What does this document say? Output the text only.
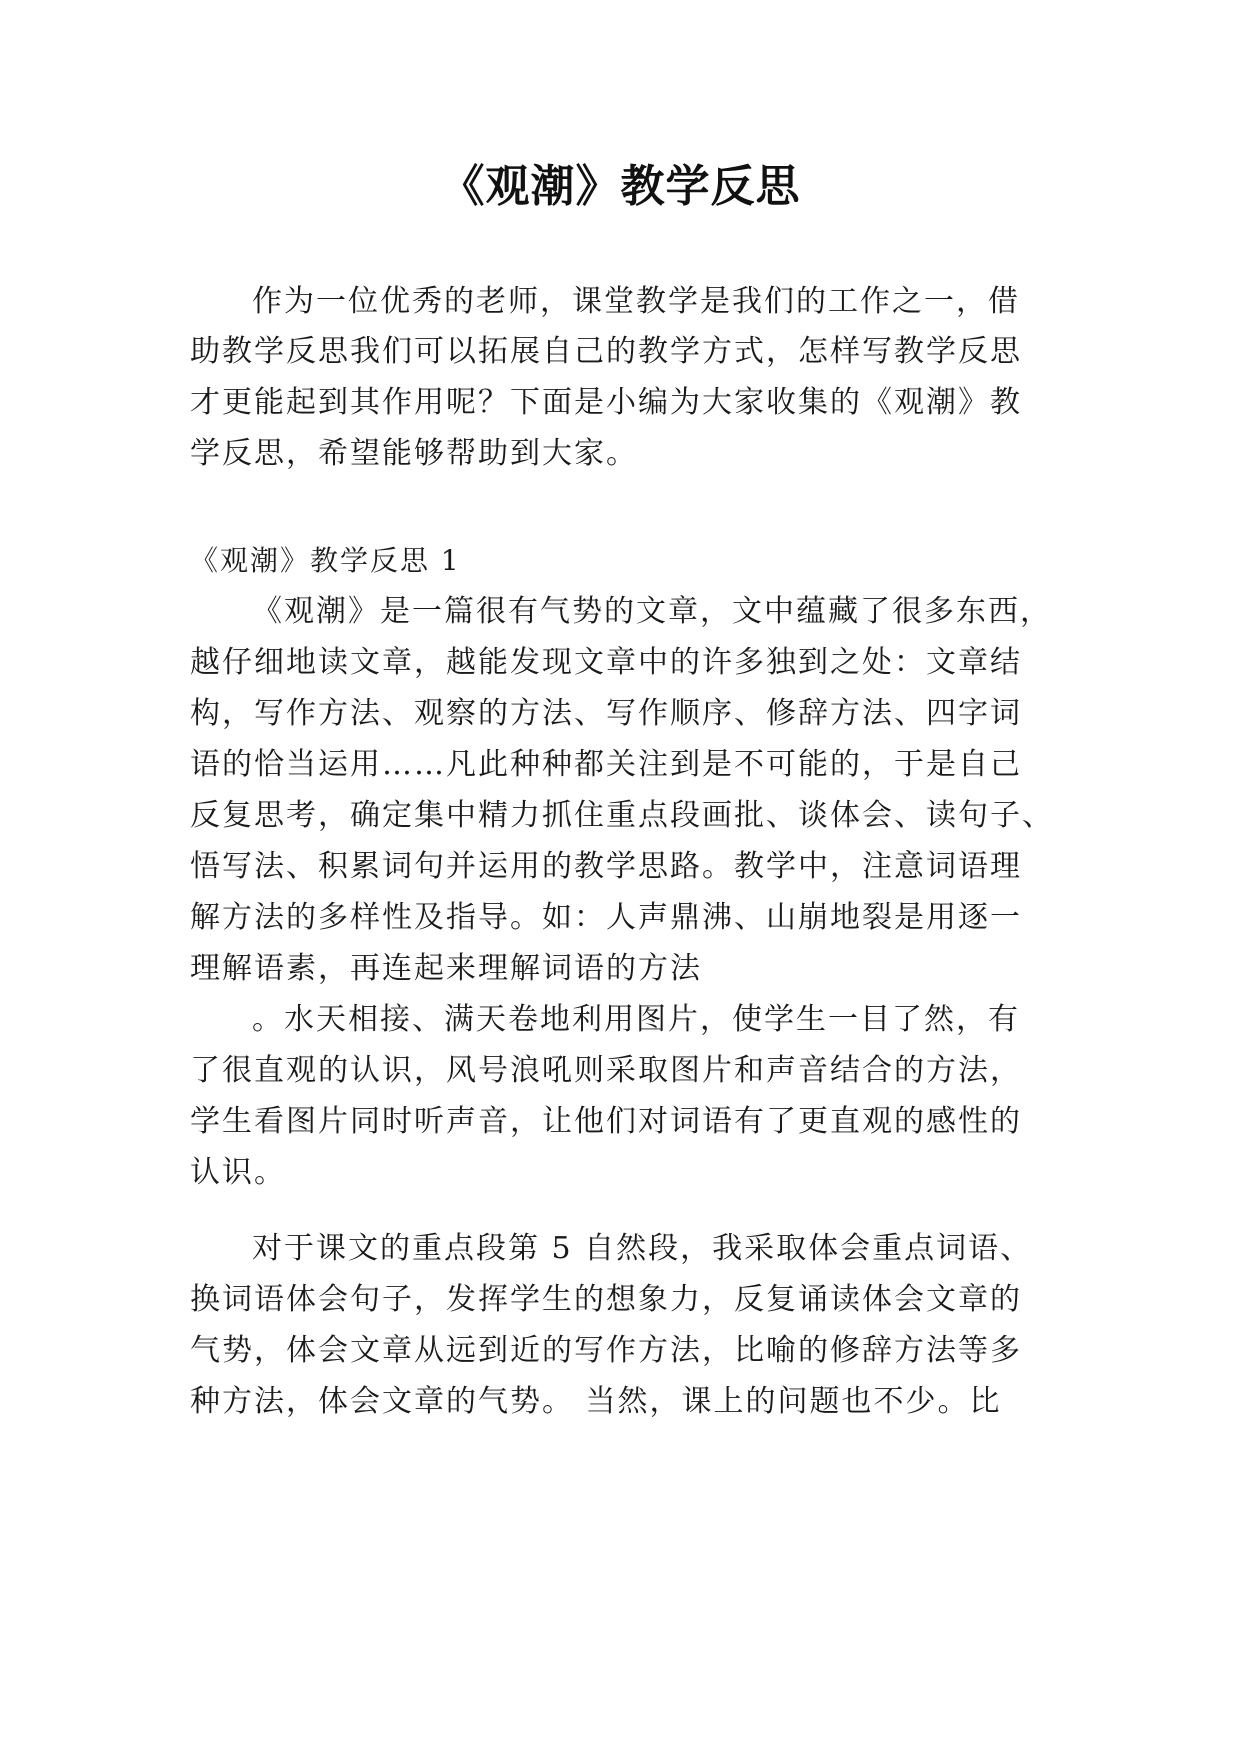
《观潮》教学反思
作为一位优秀的老师，课堂教学是我们的工作之一，借
助教学反思我们可以拓展自己的教学方式，怎样写教学反思
才更能起到其作用呢？下面是小编为大家收集的《观潮》教
学反思，希望能够帮助到大家。
《观潮》教学反思 1
《观潮》是一篇很有气势的文章，文中蕴藏了很多东西，
越仔细地读文章，越能发现文章中的许多独到之处：文章结
构，写作方法、观察的方法、写作顺序、修辞方法、四字词
语的恰当运用……凡此种种都关注到是不可能的，于是自己
反复思考，确定集中精力抓住重点段画批、谈体会、读句子、
悟写法、积累词句并运用的教学思路。教学中，注意词语理
解方法的多样性及指导。如：人声鼎沸、山崩地裂是用逐一
理解语素，再连起来理解词语的方法
。水天相接、满天卷地利用图片，使学生一目了然，有
了很直观的认识，风号浪吼则采取图片和声音结合的方法，
学生看图片同时听声音，让他们对词语有了更直观的感性的
认识。
对于课文的重点段第 5 自然段，我采取体会重点词语、
换词语体会句子，发挥学生的想象力，反复诵读体会文章的
气势，体会文章从远到近的写作方法，比喻的修辞方法等多
种方法，体会文章的气势。 当然，课上的问题也不少。比
